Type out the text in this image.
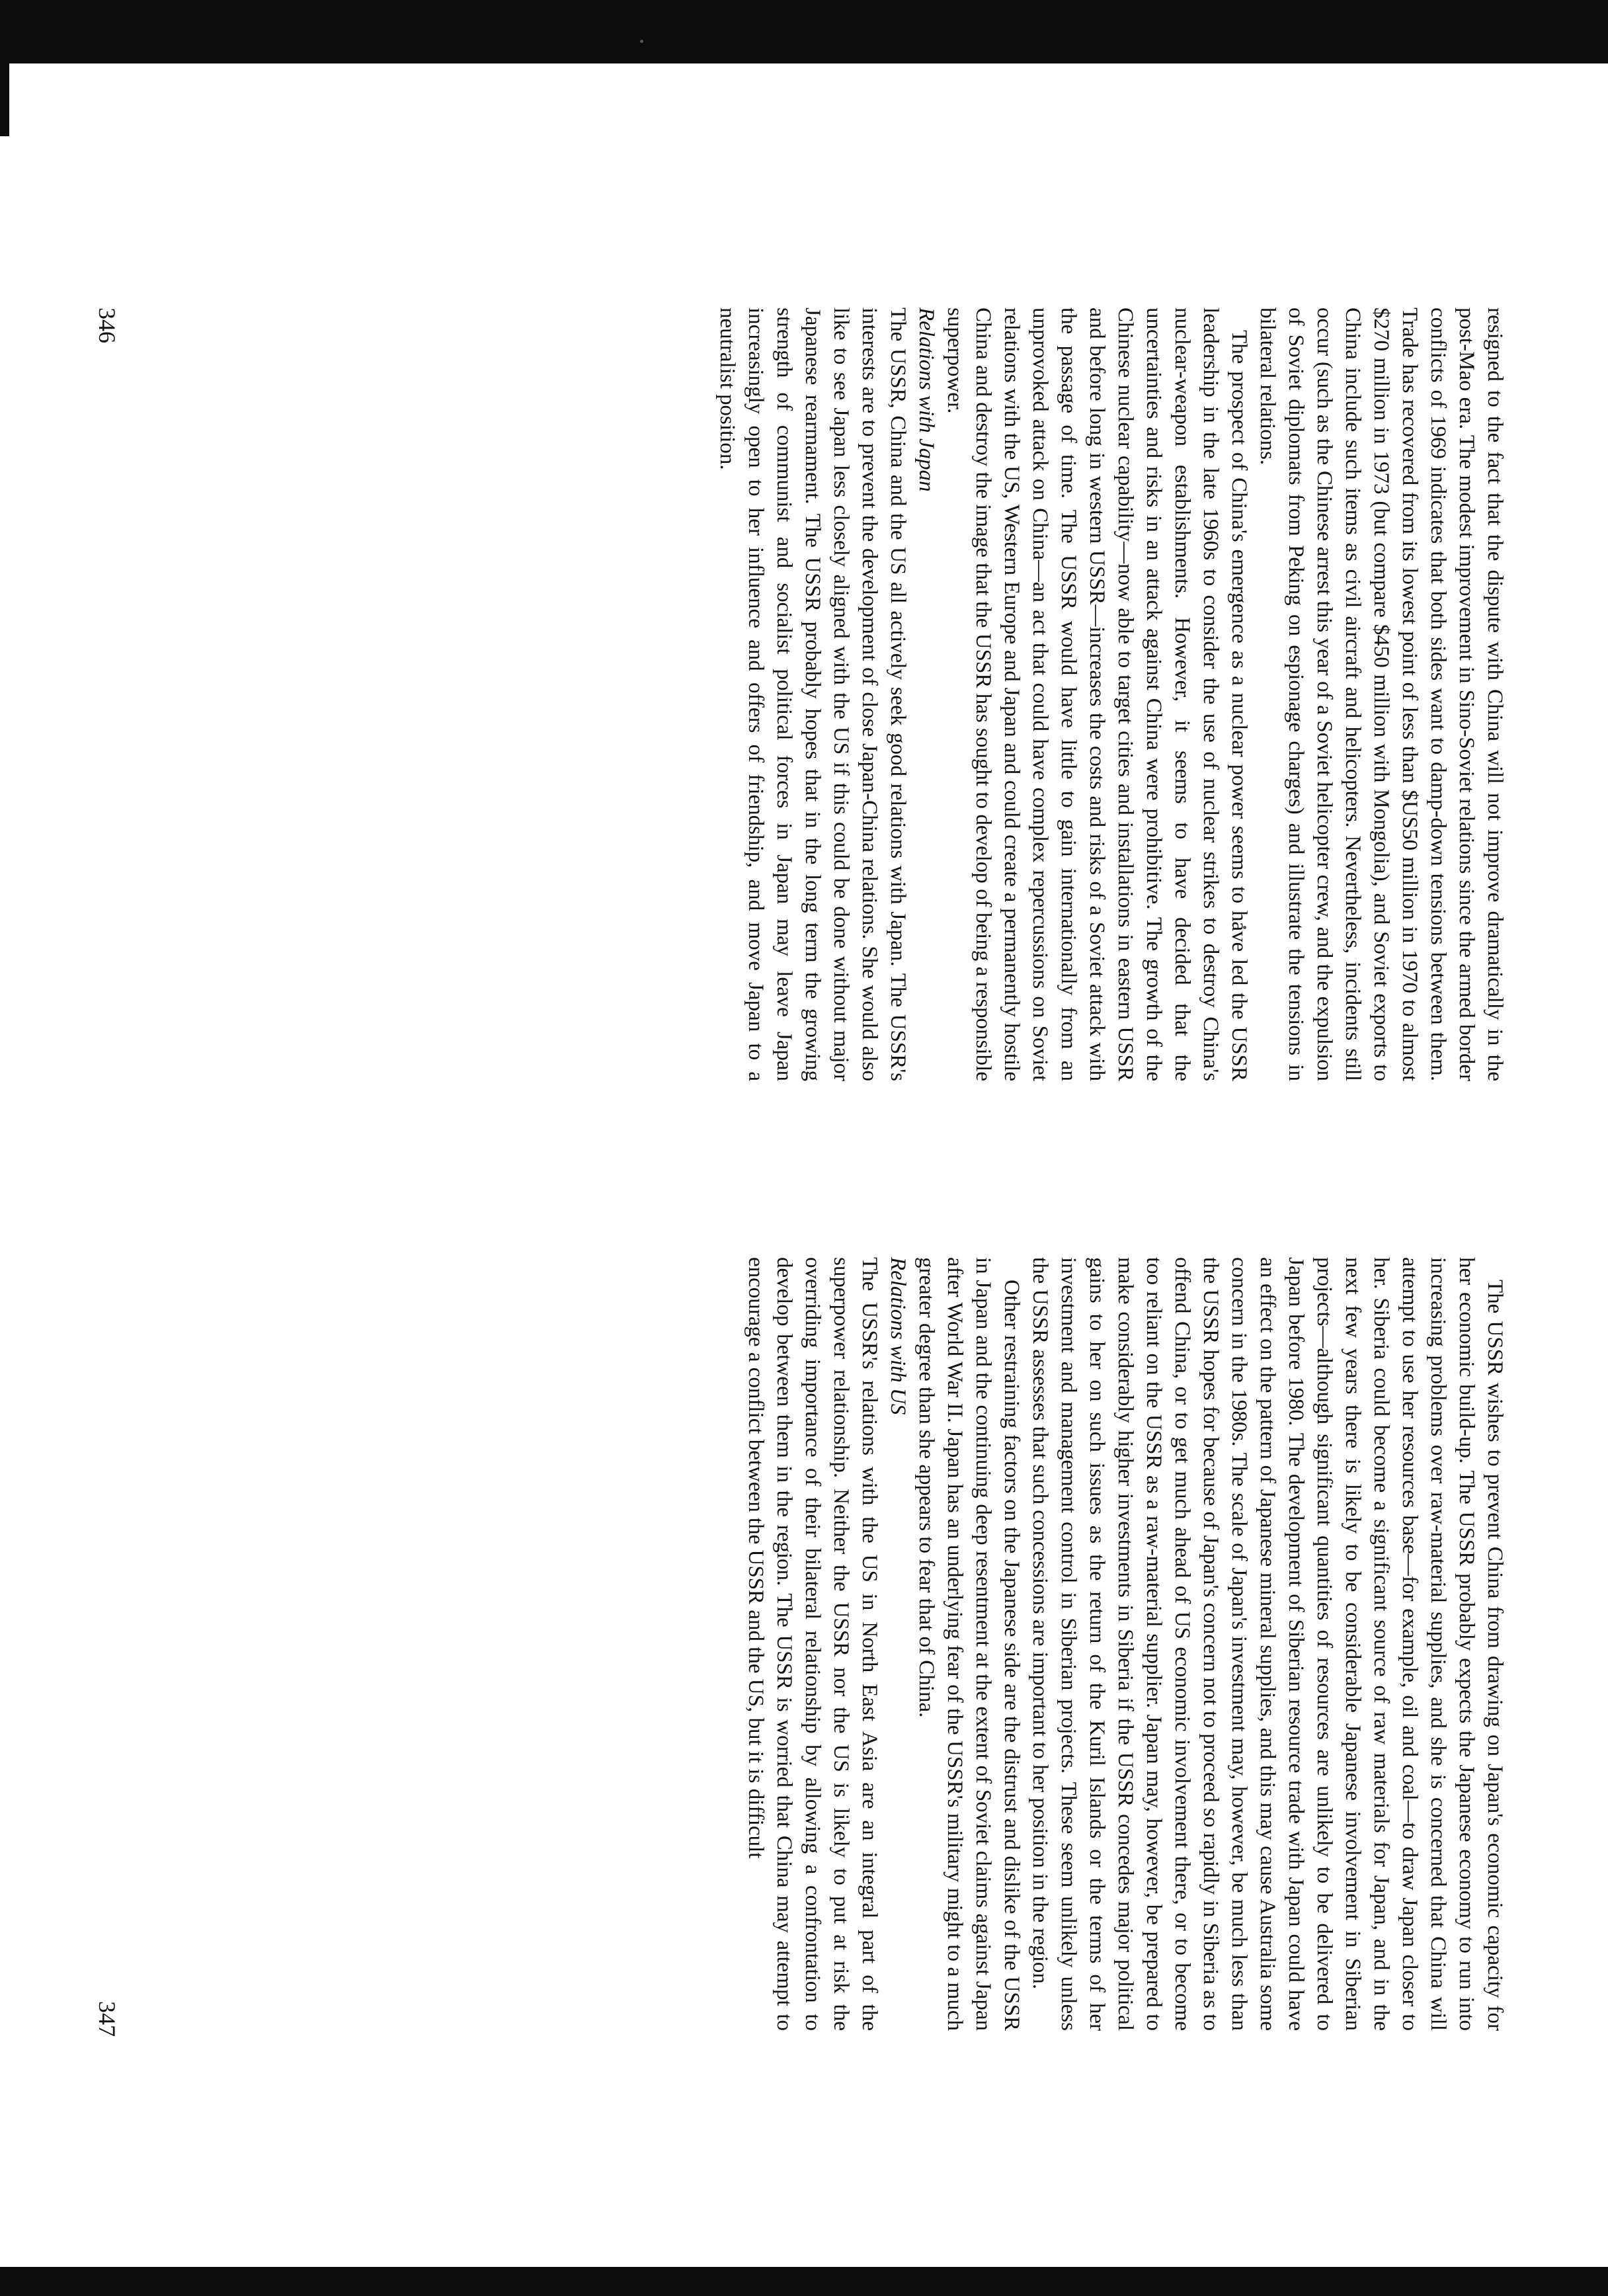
resigned to the fact that the dispute with China will not improve dramatically in the post-Mao era. The modest improvement in Sino-Soviet relations since the armed border conflicts of 1969 indicates that both sides want to damp-down tensions between them. Trade has recovered from its lowest point of less than $US50 million in 1970 to almost $270 million in 1973 (but compare $450 million with Mongolia), and Soviet exports to China include such items as civil aircraft and helicopters. Nevertheless, incidents still occur (such as the Chinese arrest this year of a Soviet helicopter crew, and the expulsion of Soviet diplomats from Peking on espionage charges) and illustrate the tensions in bilateral relations.

The prospect of China's emergence as a nuclear power seems to have led the USSR leadership in the late 1960s to consider the use of nuclear strikes to destroy China's nuclear-weapon establishments. However, it seems to have decided that the uncertainties and risks in an attack against China were prohibitive. The growth of the Chinese nuclear capability—now able to target cities and installations in eastern USSR and before long in western USSR—increases the costs and risks of a Soviet attack with the passage of time. The USSR would have little to gain internationally from an unprovoked attack on China—an act that could have complex repercussions on Soviet relations with the US, Western Europe and Japan and could create a permanently hostile China and destroy the image that the USSR has sought to develop of being a responsible superpower.

Relations with Japan

The USSR, China and the US all actively seek good relations with Japan. The USSR's interests are to prevent the development of close Japan-China relations. She would also like to see Japan less closely aligned with the US if this could be done without major Japanese rearmament. The USSR probably hopes that in the long term the growing strength of communist and socialist political forces in Japan may leave Japan increasingly open to her influence and offers of friendship, and move Japan to a neutralist position.

346

The USSR wishes to prevent China from drawing on Japan's economic capacity for her economic build-up. The USSR probably expects the Japanese economy to run into increasing problems over raw-material supplies, and she is concerned that China will attempt to use her resources base—for example, oil and coal—to draw Japan closer to her. Siberia could become a significant source of raw materials for Japan, and in the next few years there is likely to be considerable Japanese involvement in Siberian projects—although significant quantities of resources are unlikely to be delivered to Japan before 1980. The development of Siberian resource trade with Japan could have an effect on the pattern of Japanese mineral supplies, and this may cause Australia some concern in the 1980s. The scale of Japan's investment may, however, be much less than the USSR hopes for because of Japan's concern not to proceed so rapidly in Siberia as to offend China, or to get much ahead of US economic involvement there, or to become too reliant on the USSR as a raw-material supplier. Japan may, however, be prepared to make considerably higher investments in Siberia if the USSR concedes major political gains to her on such issues as the return of the Kuril Islands or the terms of her investment and management control in Siberian projects. These seem unlikely unless the USSR assesses that such concessions are important to her position in the region.

Other restraining factors on the Japanese side are the distrust and dislike of the USSR in Japan and the continuing deep resentment at the extent of Soviet claims against Japan after World War II. Japan has an underlying fear of the USSR's military might to a much greater degree than she appears to fear that of China.

Relations with US

The USSR's relations with the US in North East Asia are an integral part of the superpower relationship. Neither the USSR nor the US is likely to put at risk the overriding importance of their bilateral relationship by allowing a confrontation to develop between them in the region. The USSR is worried that China may attempt to encourage a conflict between the USSR and the US, but it is difficult

347
